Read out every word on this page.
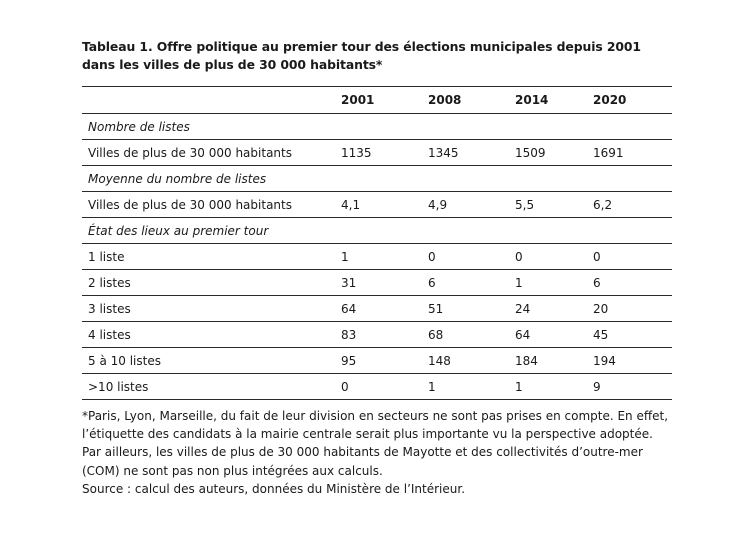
Tableau 1. Offre politique au premier tour des élections municipales depuis 2001 dans les villes de plus de 30 000 habitants*

	2001	2008	2014	2020
Nombre de listes				
Villes de plus de 30 000 habitants	1135	1345	1509	1691
Moyenne du nombre de listes				
Villes de plus de 30 000 habitants	4,1	4,9	5,5	6,2
État des lieux au premier tour				
1 liste	1	0	0	0
2 listes	31	6	1	6
3 listes	64	51	24	20
4 listes	83	68	64	45
5 à 10 listes	95	148	184	194
>10 listes	0	1	1	9

*Paris, Lyon, Marseille, du fait de leur division en secteurs ne sont pas prises en compte. En effet, l’étiquette des candidats à la mairie centrale serait plus importante vu la perspective adoptée. Par ailleurs, les villes de plus de 30 000 habitants de Mayotte et des collectivités d’outre-mer (COM) ne sont pas non plus intégrées aux calculs.

Source : calcul des auteurs, données du Ministère de l’Intérieur.
